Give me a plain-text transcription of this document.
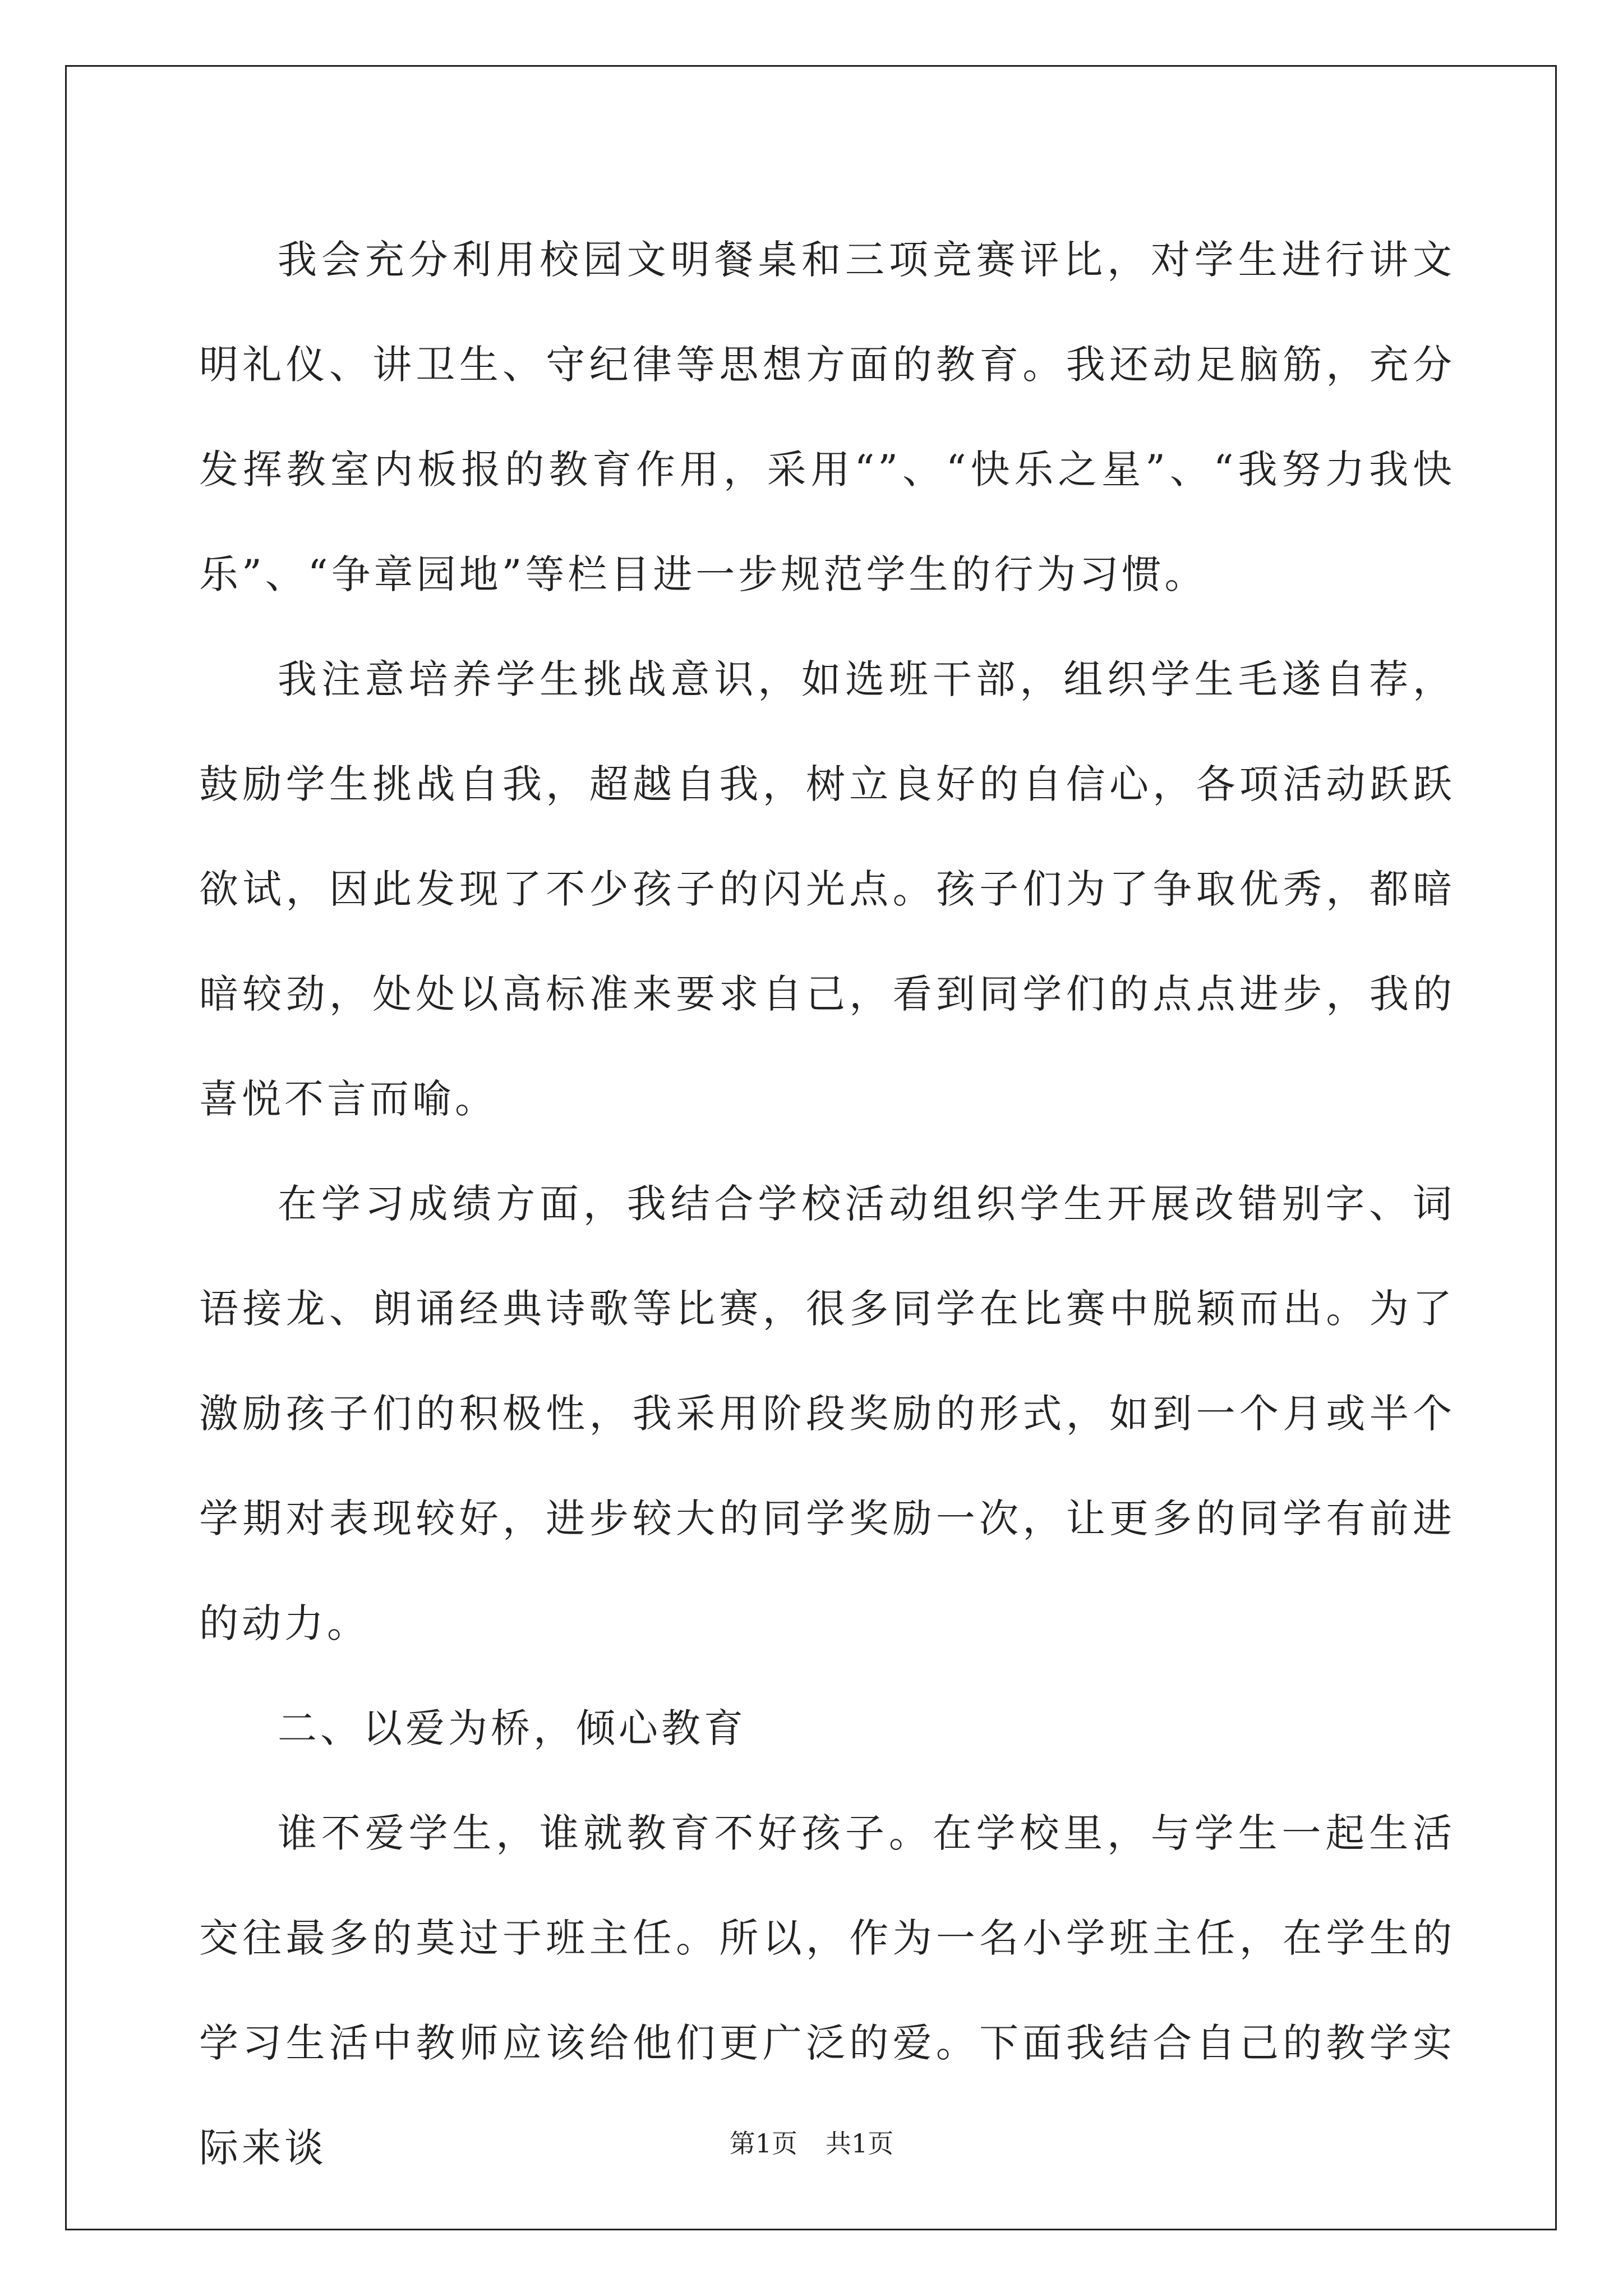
我会充分利用校园文明餐桌和三项竞赛评比，对学生进行讲文明礼仪、讲卫生、守纪律等思想方面的教育。我还动足脑筋，充分发挥教室内板报的教育作用，采用“”、“快乐之星”、“我努力我快乐”、“争章园地”等栏目进一步规范学生的行为习惯。

我注意培养学生挑战意识，如选班干部，组织学生毛遂自荐，鼓励学生挑战自我，超越自我，树立良好的自信心，各项活动跃跃欲试，因此发现了不少孩子的闪光点。孩子们为了争取优秀，都暗暗较劲，处处以高标准来要求自己，看到同学们的点点进步，我的喜悦不言而喻。

在学习成绩方面，我结合学校活动组织学生开展改错别字、词语接龙、朗诵经典诗歌等比赛，很多同学在比赛中脱颖而出。为了激励孩子们的积极性，我采用阶段奖励的形式，如到一个月或半个学期对表现较好，进步较大的同学奖励一次，让更多的同学有前进的动力。

二、以爱为桥，倾心教育

谁不爱学生，谁就教育不好孩子。在学校里，与学生一起生活交往最多的莫过于班主任。所以，作为一名小学班主任，在学生的学习生活中教师应该给他们更广泛的爱。下面我结合自己的教学实际来谈	第1页 共1页
